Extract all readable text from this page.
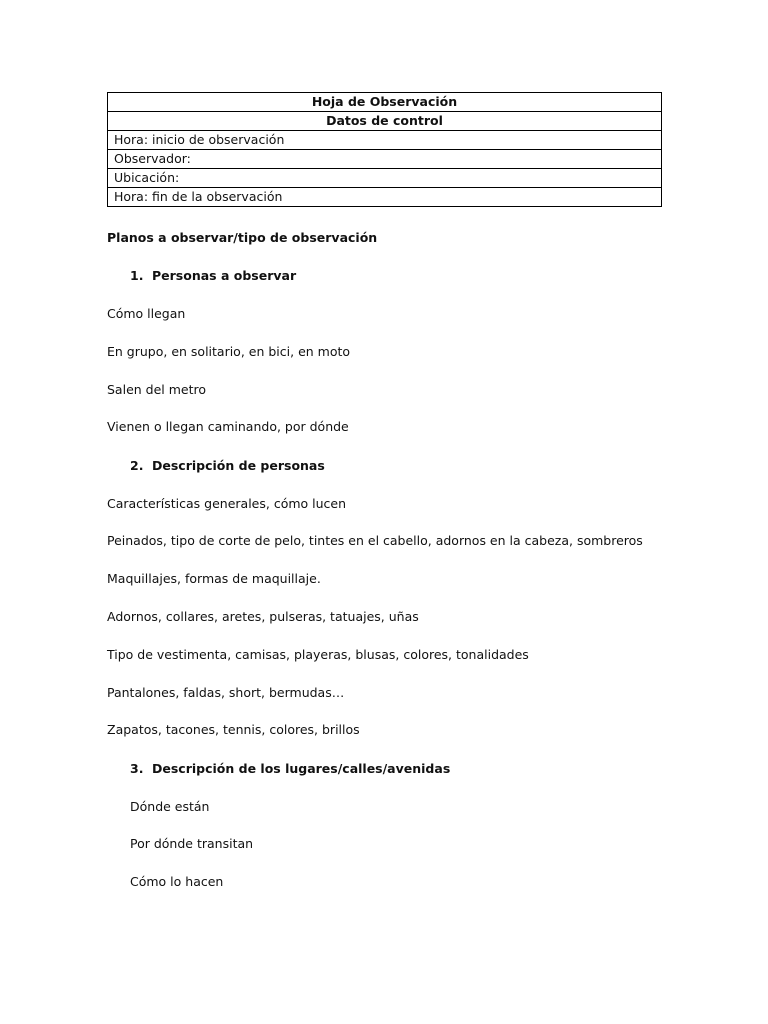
Hoja de Observación
Datos de control
Hora: inicio de observación
Observador:
Ubicación:
Hora: fin de la observación
Planos a observar/tipo de observación
1. Personas a observar
Cómo llegan
En grupo, en solitario, en bici, en moto
Salen del metro
Vienen o llegan caminando, por dónde
2. Descripción de personas
Características generales, cómo lucen
Peinados, tipo de corte de pelo, tintes en el cabello, adornos en la cabeza, sombreros
Maquillajes, formas de maquillaje.
Adornos, collares, aretes, pulseras, tatuajes, uñas
Tipo de vestimenta, camisas, playeras, blusas, colores, tonalidades
Pantalones, faldas, short, bermudas…
Zapatos, tacones, tennis, colores, brillos
3. Descripción de los lugares/calles/avenidas
Dónde están
Por dónde transitan
Cómo lo hacen
